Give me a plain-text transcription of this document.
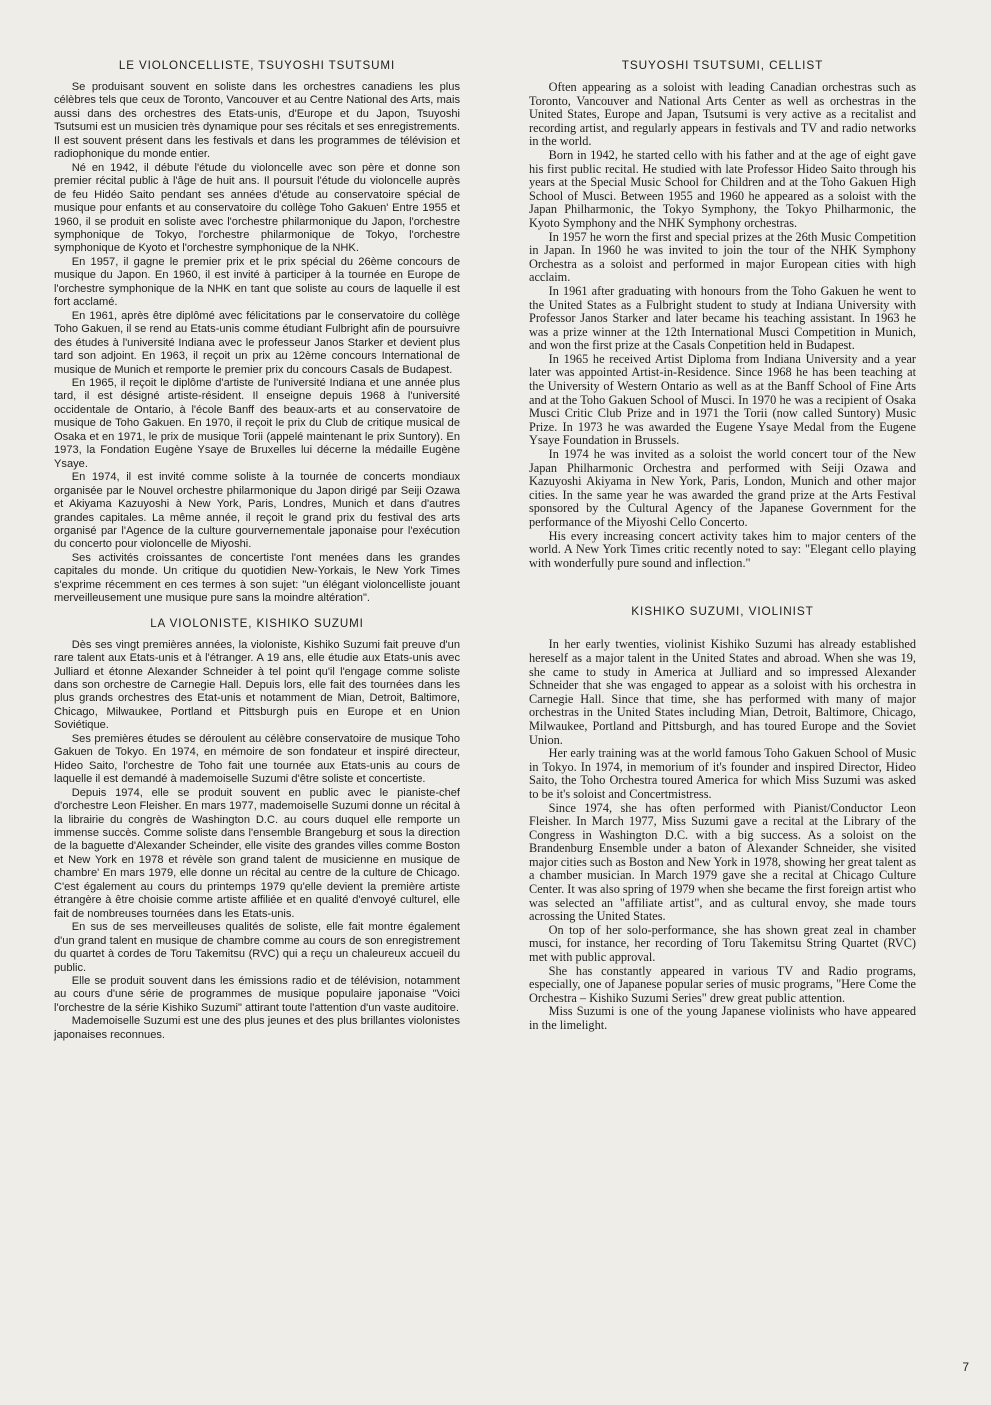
LE VIOLONCELLISTE, TSUYOSHI TSUTSUMI

Se produisant souvent en soliste dans les orchestres canadiens les plus célèbres tels que ceux de Toronto, Vancouver et au Centre National des Arts, mais aussi dans des orchestres des Etats-unis, d'Europe et du Japon, Tsuyoshi Tsutsumi est un musicien très dynamique pour ses récitals et ses enregistrements. Il est souvent présent dans les festivals et dans les programmes de télévision et radiophonique du monde entier.

Né en 1942, il débute l'étude du violoncelle avec son père et donne son premier récital public à l'âge de huit ans. Il poursuit l'étude du violoncelle auprès de feu Hidéo Saito pendant ses années d'étude au conservatoire spécial de musique pour enfants et au conservatoire du collège Toho Gakuen' Entre 1955 et 1960, il se produit en soliste avec l'orchestre philarmonique du Japon, l'orchestre symphonique de Tokyo, l'orchestre philarmonique de Tokyo, l'orchestre symphonique de Kyoto et l'orchestre symphonique de la NHK.

En 1957, il gagne le premier prix et le prix spécial du 26ème concours de musique du Japon. En 1960, il est invité à participer à la tournée en Europe de l'orchestre symphonique de la NHK en tant que soliste au cours de laquelle il est fort acclamé.

En 1961, après être diplômé avec félicitations par le conservatoire du collège Toho Gakuen, il se rend au Etats-unis comme étudiant Fulbright afin de poursuivre des études à l'université Indiana avec le professeur Janos Starker et devient plus tard son adjoint. En 1963, il reçoit un prix au 12ème concours International de musique de Munich et remporte le premier prix du concours Casals de Budapest.

En 1965, il reçoit le diplôme d'artiste de l'université Indiana et une année plus tard, il est désigné artiste-résident. Il enseigne depuis 1968 à l'université occidentale de Ontario, à l'école Banff des beaux-arts et au conservatoire de musique de Toho Gakuen. En 1970, il reçoit le prix du Club de critique musical de Osaka et en 1971, le prix de musique Torii (appelé maintenant le prix Suntory). En 1973, la Fondation Eugène Ysaye de Bruxelles lui décerne la médaille Eugène Ysaye.

En 1974, il est invité comme soliste à la tournée de concerts mondiaux organisée par le Nouvel orchestre philarmonique du Japon dirigé par Seiji Ozawa et Akiyama Kazuyoshi à New York, Paris, Londres, Munich et dans d'autres grandes capitales. La même année, il reçoit le grand prix du festival des arts organisé par l'Agence de la culture gourvernementale japonaise pour l'exécution du concerto pour violoncelle de Miyoshi.

Ses activités croissantes de concertiste l'ont menées dans les grandes capitales du monde. Un critique du quotidien New-Yorkais, le New York Times s'exprime récemment en ces termes à son sujet: "un élégant violoncelliste jouant merveilleusement une musique pure sans la moindre altération".

LA VIOLONISTE, KISHIKO SUZUMI

Dès ses vingt premières années, la violoniste, Kishiko Suzumi fait preuve d'un rare talent aux Etats-unis et à l'étranger. A 19 ans, elle étudie aux Etats-unis avec Julliard et étonne Alexander Schneider à tel point qu'il l'engage comme soliste dans son orchestre de Carnegie Hall. Depuis lors, elle fait des tournées dans les plus grands orchestres des Etat-unis et notamment de Mian, Detroit, Baltimore, Chicago, Milwaukee, Portland et Pittsburgh puis en Europe et en Union Soviétique.

Ses premières études se déroulent au célèbre conservatoire de musique Toho Gakuen de Tokyo. En 1974, en mémoire de son fondateur et inspiré directeur, Hideo Saito, l'orchestre de Toho fait une tournée aux Etats-unis au cours de laquelle il est demandé à mademoiselle Suzumi d'être soliste et concertiste.

Depuis 1974, elle se produit souvent en public avec le pianiste-chef d'orchestre Leon Fleisher. En mars 1977, mademoiselle Suzumi donne un récital à la librairie du congrès de Washington D.C. au cours duquel elle remporte un immense succès. Comme soliste dans l'ensemble Brangeburg et sous la direction de la baguette d'Alexander Scheinder, elle visite des grandes villes comme Boston et New York en 1978 et révèle son grand talent de musicienne en musique de chambre' En mars 1979, elle donne un récital au centre de la culture de Chicago. C'est également au cours du printemps 1979 qu'elle devient la première artiste étrangère à être choisie comme artiste affiliée et en qualité d'envoyé culturel, elle fait de nombreuses tournées dans les Etats-unis.

En sus de ses merveilleuses qualités de soliste, elle fait montre également d'un grand talent en musique de chambre comme au cours de son enregistrement du quartet à cordes de Toru Takemitsu (RVC) qui a reçu un chaleureux accueil du public.

Elle se produit souvent dans les émissions radio et de télévision, notamment au cours d'une série de programmes de musique populaire japonaise "Voici l'orchestre de la série Kishiko Suzumi" attirant toute l'attention d'un vaste auditoire.

Mademoiselle Suzumi est une des plus jeunes et des plus brillantes violonistes japonaises reconnues.

TSUYOSHI TSUTSUMI, CELLIST

Often appearing as a soloist with leading Canadian orchestras such as Toronto, Vancouver and National Arts Center as well as orchestras in the United States, Europe and Japan, Tsutsumi is very active as a recitalist and recording artist, and regularly appears in festivals and TV and radio networks in the world.

Born in 1942, he started cello with his father and at the age of eight gave his first public recital. He studied with late Professor Hideo Saito through his years at the Special Music School for Children and at the Toho Gakuen High School of Musci. Between 1955 and 1960 he appeared as a soloist with the Japan Philharmonic, the Tokyo Symphony, the Tokyo Philharmonic, the Kyoto Symphony and the NHK Symphony orchestras.

In 1957 he worn the first and special prizes at the 26th Music Competition in Japan. In 1960 he was invited to join the tour of the NHK Symphony Orchestra as a soloist and performed in major European cities with high acclaim.

In 1961 after graduating with honours from the Toho Gakuen he went to the United States as a Fulbright student to study at Indiana University with Professor Janos Starker and later became his teaching assistant. In 1963 he was a prize winner at the 12th International Musci Competition in Munich, and won the first prize at the Casals Conpetition held in Budapest.

In 1965 he received Artist Diploma from Indiana University and a year later was appointed Artist-in-Residence. Since 1968 he has been teaching at the University of Western Ontario as well as at the Banff School of Fine Arts and at the Toho Gakuen School of Musci. In 1970 he was a recipient of Osaka Musci Critic Club Prize and in 1971 the Torii (now called Suntory) Music Prize. In 1973 he was awarded the Eugene Ysaye Medal from the Eugene Ysaye Foundation in Brussels.

In 1974 he was invited as a soloist the world concert tour of the New Japan Philharmonic Orchestra and performed with Seiji Ozawa and Kazuyoshi Akiyama in New York, Paris, London, Munich and other major cities. In the same year he was awarded the grand prize at the Arts Festival sponsored by the Cultural Agency of the Japanese Government for the performance of the Miyoshi Cello Concerto.

His every increasing concert activity takes him to major centers of the world. A New York Times critic recently noted to say: "Elegant cello playing with wonderfully pure sound and inflection."

KISHIKO SUZUMI, VIOLINIST

In her early twenties, violinist Kishiko Suzumi has already established hereself as a major talent in the United States and abroad. When she was 19, she came to study in America at Julliard and so impressed Alexander Schneider that she was engaged to appear as a soloist with his orchestra in Carnegie Hall. Since that time, she has performed with many of major orchestras in the United States including Mian, Detroit, Baltimore, Chicago, Milwaukee, Portland and Pittsburgh, and has toured Europe and the Soviet Union.

Her early training was at the world famous Toho Gakuen School of Music in Tokyo. In 1974, in memorium of it's founder and inspired Director, Hideo Saito, the Toho Orchestra toured America for which Miss Suzumi was asked to be it's soloist and Concertmistress.

Since 1974, she has often performed with Pianist/Conductor Leon Fleisher. In March 1977, Miss Suzumi gave a recital at the Library of the Congress in Washington D.C. with a big success. As a soloist on the Brandenburg Ensemble under a baton of Alexander Schneider, she visited major cities such as Boston and New York in 1978, showing her great talent as a chamber musician. In March 1979 gave she a recital at Chicago Culture Center. It was also spring of 1979 when she became the first foreign artist who was selected an "affiliate artist", and as cultural envoy, she made tours acrossing the United States.

On top of her solo-performance, she has shown great zeal in chamber musci, for instance, her recording of Toru Takemitsu String Quartet (RVC) met with public approval.

She has constantly appeared in various TV and Radio programs, especially, one of Japanese popular series of music programs, "Here Come the Orchestra – Kishiko Suzumi Series" drew great public attention.

Miss Suzumi is one of the young Japanese violinists who have appeared in the limelight.

7
